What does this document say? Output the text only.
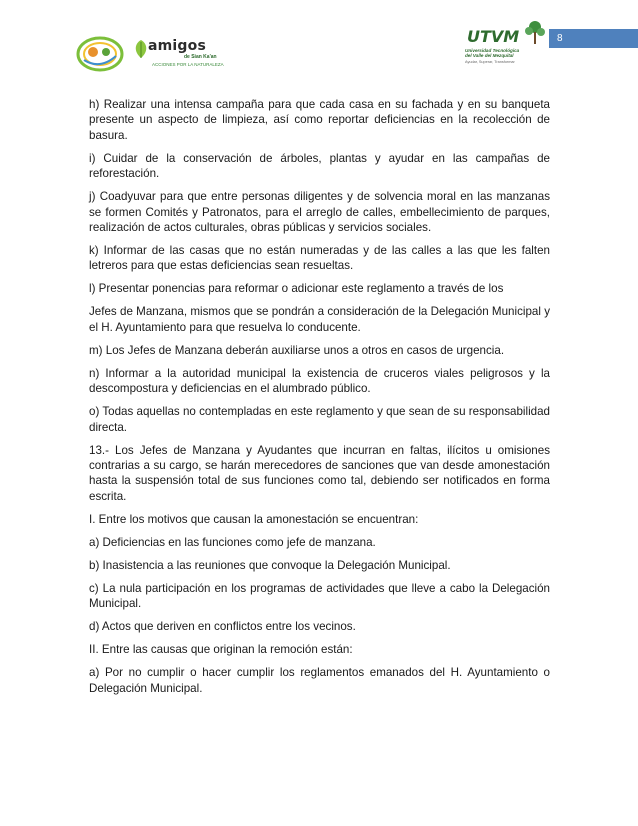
amigos
de Sian Ka'an
ACCIONES POR LA NATURALEZA
UTVM
Universidad Tecnológica
del Valle del Mezquital
Ayudar, Superar, Transformar
8

h) Realizar una intensa campaña para que cada casa en su fachada y en su banqueta presente un aspecto de limpieza, así como reportar deficiencias en la recolección de basura.

i) Cuidar de la conservación de árboles, plantas y ayudar en las campañas de reforestación.

j) Coadyuvar para que entre personas diligentes y de solvencia moral en las manzanas se formen Comités y Patronatos, para el arreglo de calles, embellecimiento de parques, realización de actos culturales, obras públicas y servicios sociales.

k) Informar de las casas que no están numeradas y de las calles a las que les falten letreros para que estas deficiencias sean resueltas.

l) Presentar ponencias para reformar o adicionar este reglamento a través de los

Jefes de Manzana, mismos que se pondrán a consideración de la Delegación Municipal y el H. Ayuntamiento para que resuelva lo conducente.

m) Los Jefes de Manzana deberán auxiliarse unos a otros en casos de urgencia.

n) Informar a la autoridad municipal la existencia de cruceros viales peligrosos y la descompostura y deficiencias en el alumbrado público.

o) Todas aquellas no contempladas en este reglamento y que sean de su responsabilidad directa.

13.- Los Jefes de Manzana y Ayudantes que incurran en faltas, ilícitos u omisiones contrarias a su cargo, se harán merecedores de sanciones que van desde amonestación hasta la suspensión total de sus funciones como tal, debiendo ser notificados en forma escrita.

I. Entre los motivos que causan la amonestación se encuentran:

a) Deficiencias en las funciones como jefe de manzana.

b) Inasistencia a las reuniones que convoque la Delegación Municipal.

c) La nula participación en los programas de actividades que lleve a cabo la Delegación Municipal.

d) Actos que deriven en conflictos entre los vecinos.

II. Entre las causas que originan la remoción están:

a) Por no cumplir o hacer cumplir los reglamentos emanados del H. Ayuntamiento o Delegación Municipal.
